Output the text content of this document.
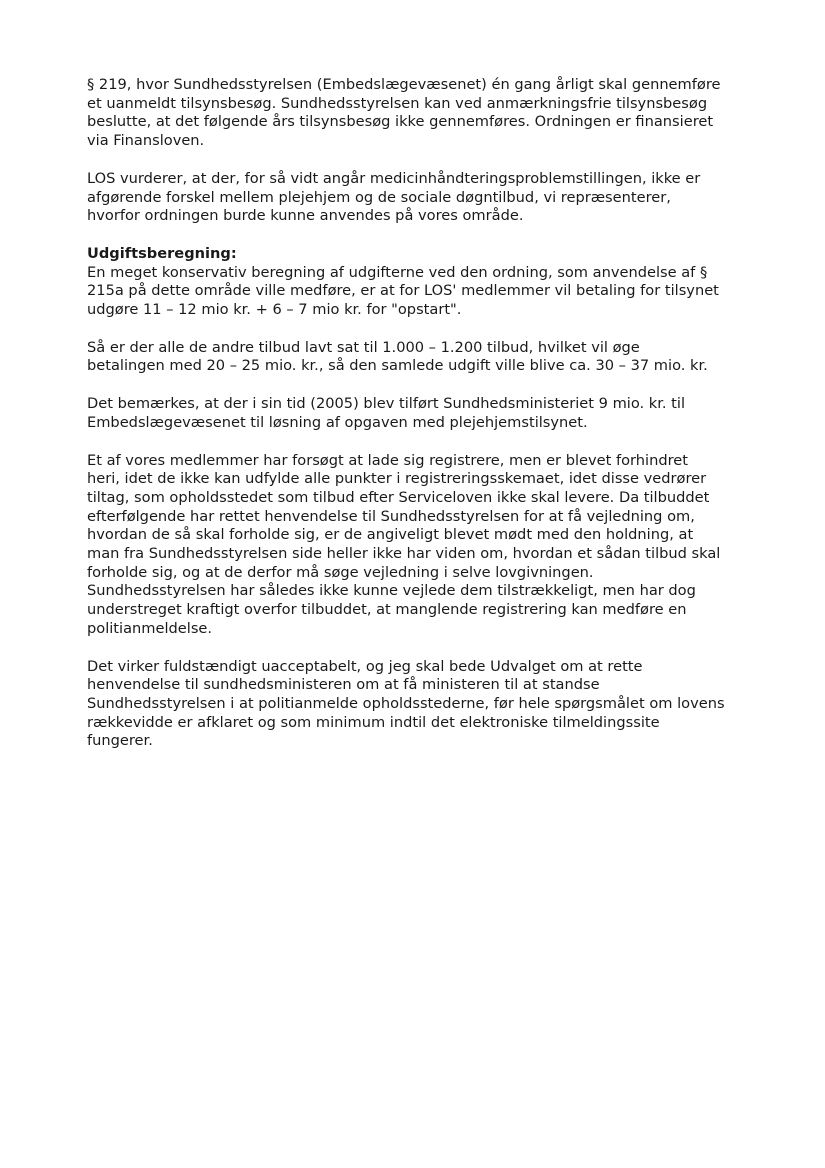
§ 219, hvor Sundhedsstyrelsen (Embedslægevæsenet) én gang årligt skal gennemføre
et uanmeldt tilsynsbesøg. Sundhedsstyrelsen kan ved anmærkningsfrie tilsynsbesøg
beslutte, at det følgende års tilsynsbesøg ikke gennemføres. Ordningen er finansieret
via Finansloven.
LOS vurderer, at der, for så vidt angår medicinhåndteringsproblemstillingen, ikke er
afgørende forskel mellem plejehjem og de sociale døgntilbud, vi repræsenterer,
hvorfor ordningen burde kunne anvendes på vores område.
Udgiftsberegning:
En meget konservativ beregning af udgifterne ved den ordning, som anvendelse af §
215a på dette område ville medføre, er at for LOS' medlemmer vil betaling for tilsynet
udgøre 11 – 12 mio kr. + 6 – 7 mio kr. for "opstart".
Så er der alle de andre tilbud lavt sat til 1.000 – 1.200 tilbud, hvilket vil øge
betalingen med 20 – 25 mio. kr., så den samlede udgift ville blive ca. 30 – 37 mio. kr.
Det bemærkes, at der i sin tid (2005) blev tilført Sundhedsministeriet 9 mio. kr. til
Embedslægevæsenet til løsning af opgaven med plejehjemstilsynet.
Et af vores medlemmer har forsøgt at lade sig registrere, men er blevet forhindret
heri, idet de ikke kan udfylde alle punkter i registreringsskemaet, idet disse vedrører
tiltag, som opholdsstedet som tilbud efter Serviceloven ikke skal levere. Da tilbuddet
efterfølgende har rettet henvendelse til Sundhedsstyrelsen for at få vejledning om,
hvordan de så skal forholde sig, er de angiveligt blevet mødt med den holdning, at
man fra Sundhedsstyrelsen side heller ikke har viden om, hvordan et sådan tilbud skal
forholde sig, og at de derfor må søge vejledning i selve lovgivningen.
Sundhedsstyrelsen har således ikke kunne vejlede dem tilstrækkeligt, men har dog
understreget kraftigt overfor tilbuddet, at manglende registrering kan medføre en
politianmeldelse.
Det virker fuldstændigt uacceptabelt, og jeg skal bede Udvalget om at rette
henvendelse til sundhedsministeren om at få ministeren til at standse
Sundhedsstyrelsen i at politianmelde opholdsstederne, før hele spørgsmålet om lovens
rækkevidde er afklaret og som minimum indtil det elektroniske tilmeldingssite
fungerer.
